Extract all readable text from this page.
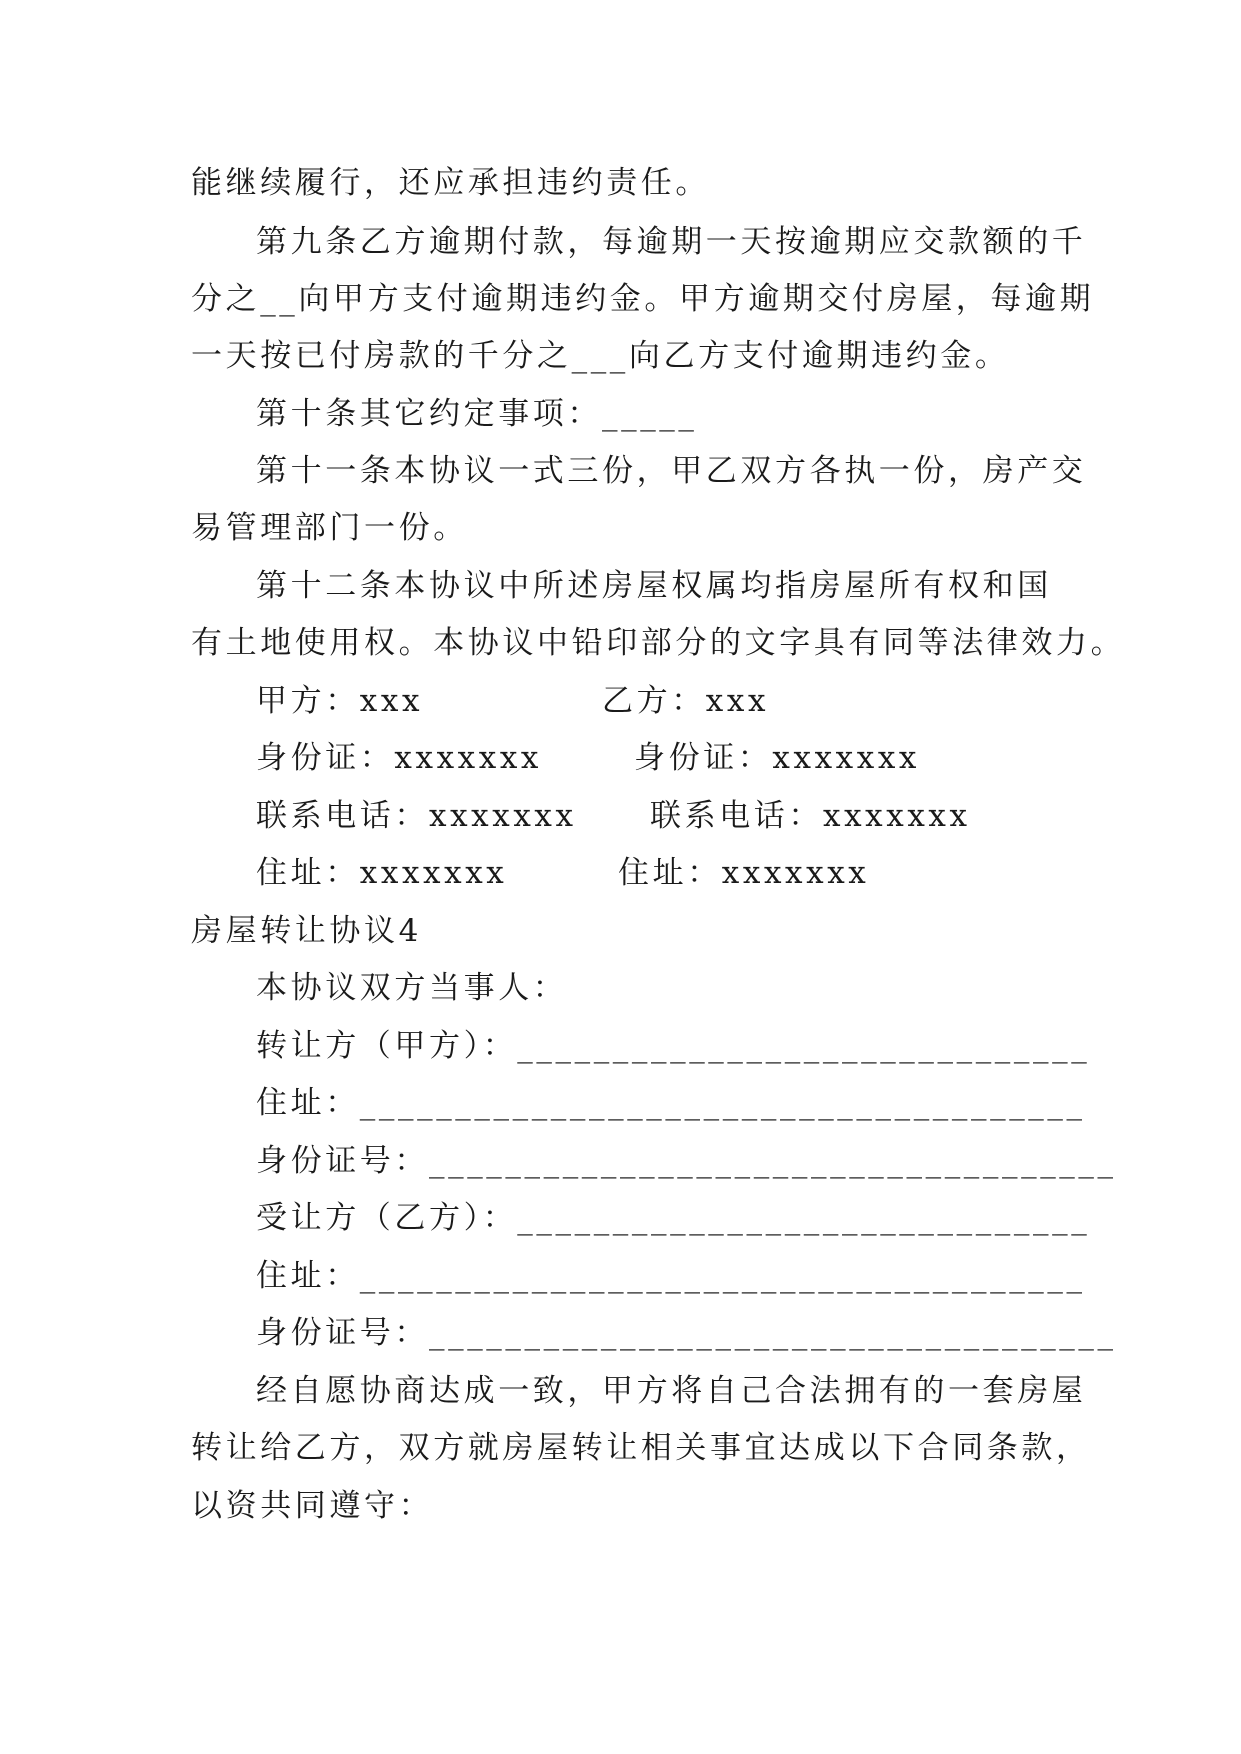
能继续履行，还应承担违约责任。
第九条乙方逾期付款，每逾期一天按逾期应交款额的千
分之__向甲方支付逾期违约金。甲方逾期交付房屋，每逾期
一天按已付房款的千分之___向乙方支付逾期违约金。
第十条其它约定事项：_____
第十一条本协议一式三份，甲乙双方各执一份，房产交
易管理部门一份。
第十二条本协议中所述房屋权属均指房屋所有权和国
有土地使用权。本协议中铅印部分的文字具有同等法律效力。
甲方：xxx	乙方：xxx
身份证：xxxxxxx	身份证：xxxxxxx
联系电话：xxxxxxx 联系电话：xxxxxxx
住址：xxxxxxx	住址：xxxxxxx
房屋转让协议4
本协议双方当事人：
转让方（甲方）：______________________________
住址：______________________________________
身份证号：____________________________________
受让方（乙方）：______________________________
住址：______________________________________
身份证号：____________________________________
经自愿协商达成一致，甲方将自己合法拥有的一套房屋
转让给乙方，双方就房屋转让相关事宜达成以下合同条款，
以资共同遵守：
